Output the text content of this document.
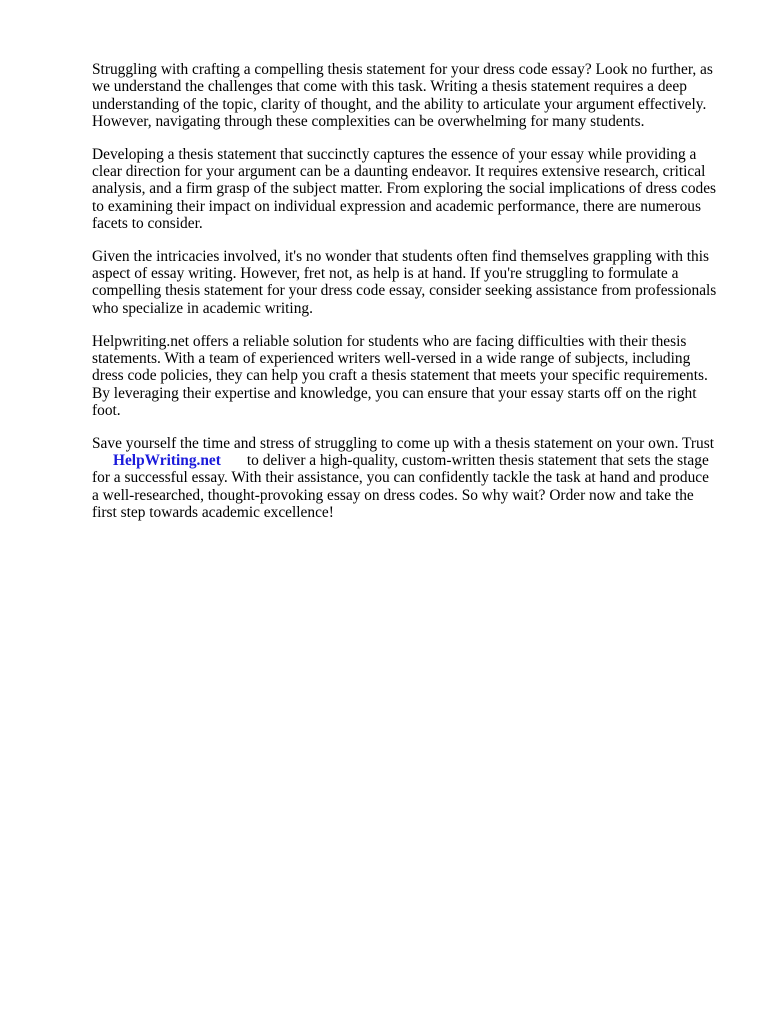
Struggling with crafting a compelling thesis statement for your dress code essay? Look no further, as
we understand the challenges that come with this task. Writing a thesis statement requires a deep
understanding of the topic, clarity of thought, and the ability to articulate your argument effectively.
However, navigating through these complexities can be overwhelming for many students.

Developing a thesis statement that succinctly captures the essence of your essay while providing a
clear direction for your argument can be a daunting endeavor. It requires extensive research, critical
analysis, and a firm grasp of the subject matter. From exploring the social implications of dress codes
to examining their impact on individual expression and academic performance, there are numerous
facets to consider.

Given the intricacies involved, it's no wonder that students often find themselves grappling with this
aspect of essay writing. However, fret not, as help is at hand. If you're struggling to formulate a
compelling thesis statement for your dress code essay, consider seeking assistance from professionals
who specialize in academic writing.

Helpwriting.net offers a reliable solution for students who are facing difficulties with their thesis
statements. With a team of experienced writers well-versed in a wide range of subjects, including
dress code policies, they can help you craft a thesis statement that meets your specific requirements.
By leveraging their expertise and knowledge, you can ensure that your essay starts off on the right
foot.

Save yourself the time and stress of struggling to come up with a thesis statement on your own. Trust
HelpWriting.net to deliver a high-quality, custom-written thesis statement that sets the stage
for a successful essay. With their assistance, you can confidently tackle the task at hand and produce
a well-researched, thought-provoking essay on dress codes. So why wait? Order now and take the
first step towards academic excellence!
